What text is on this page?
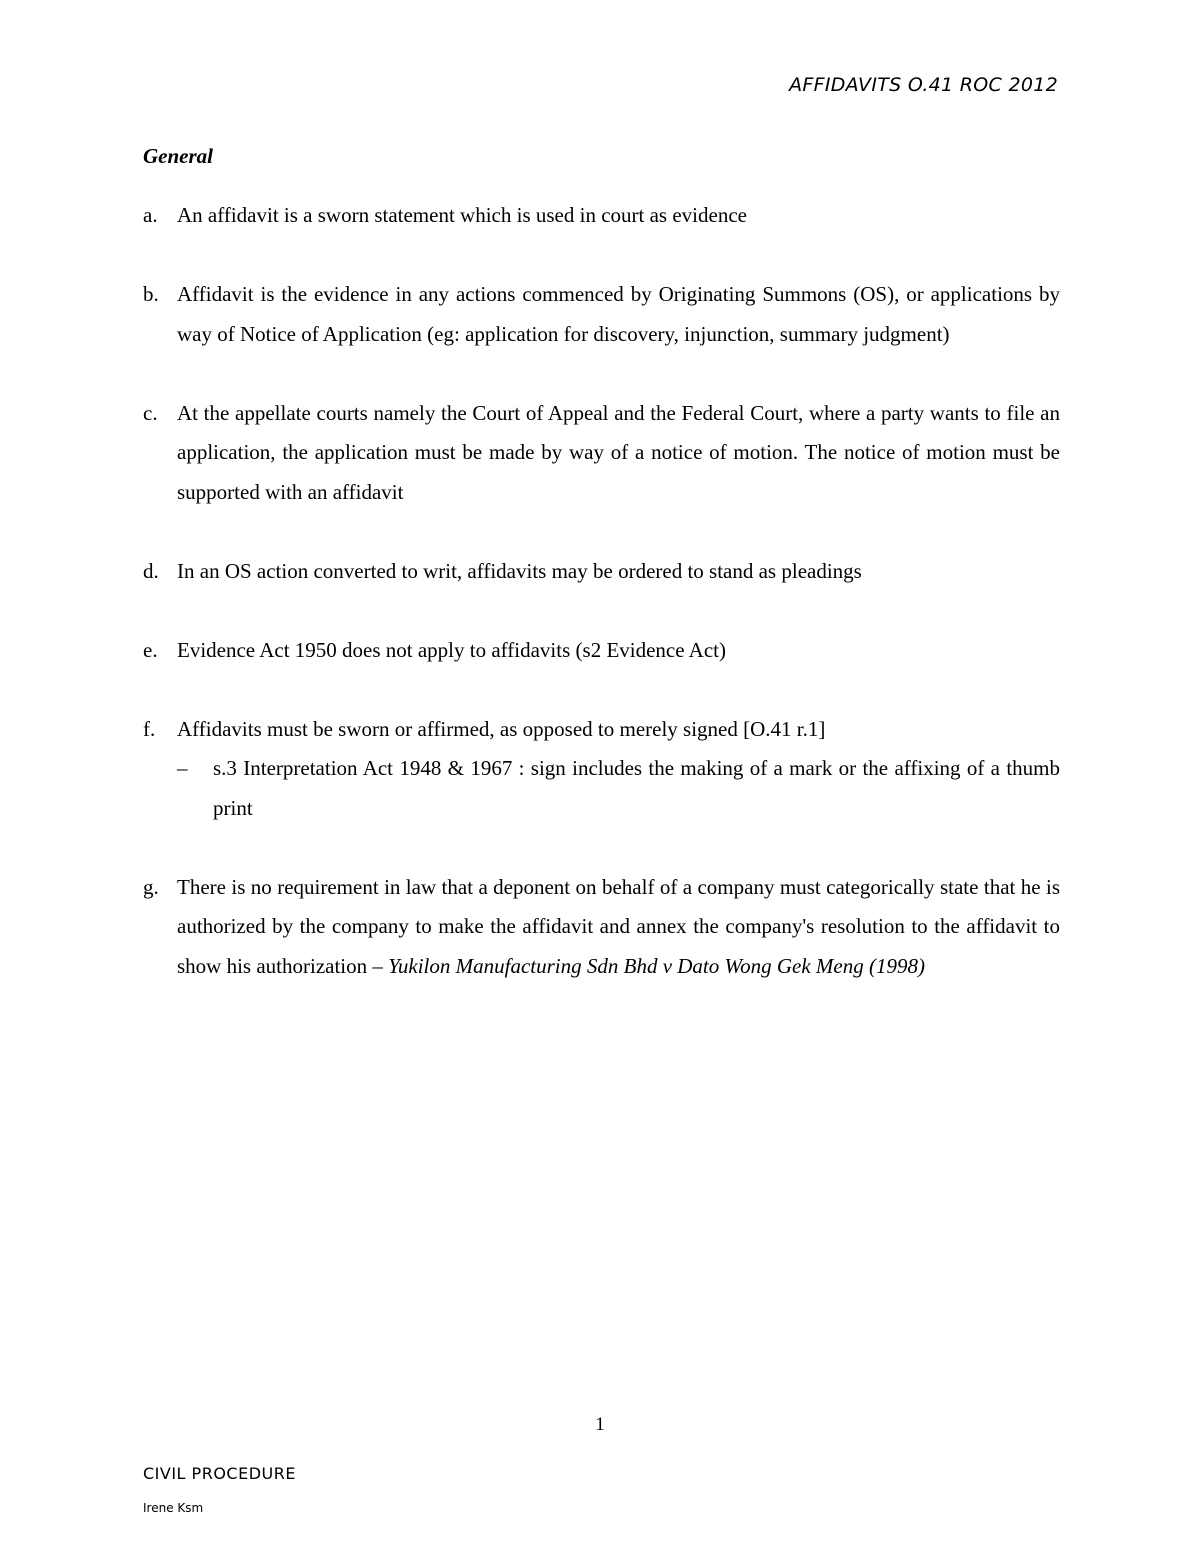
AFFIDAVITS O.41 ROC 2012
General
a. An affidavit is a sworn statement which is used in court as evidence
b. Affidavit is the evidence in any actions commenced by Originating Summons (OS), or applications by way of Notice of Application (eg: application for discovery, injunction, summary judgment)
c. At the appellate courts namely the Court of Appeal and the Federal Court, where a party wants to file an application, the application must be made by way of a notice of motion. The notice of motion must be supported with an affidavit
d. In an OS action converted to writ, affidavits may be ordered to stand as pleadings
e. Evidence Act 1950 does not apply to affidavits (s2 Evidence Act)
f. Affidavits must be sworn or affirmed, as opposed to merely signed [O.41 r.1]
– s.3 Interpretation Act 1948 & 1967 : sign includes the making of a mark or the affixing of a thumb print
g. There is no requirement in law that a deponent on behalf of a company must categorically state that he is authorized by the company to make the affidavit and annex the company's resolution to the affidavit to show his authorization – Yukilon Manufacturing Sdn Bhd v Dato Wong Gek Meng (1998)
1
CIVIL PROCEDURE
Irene Ksm
